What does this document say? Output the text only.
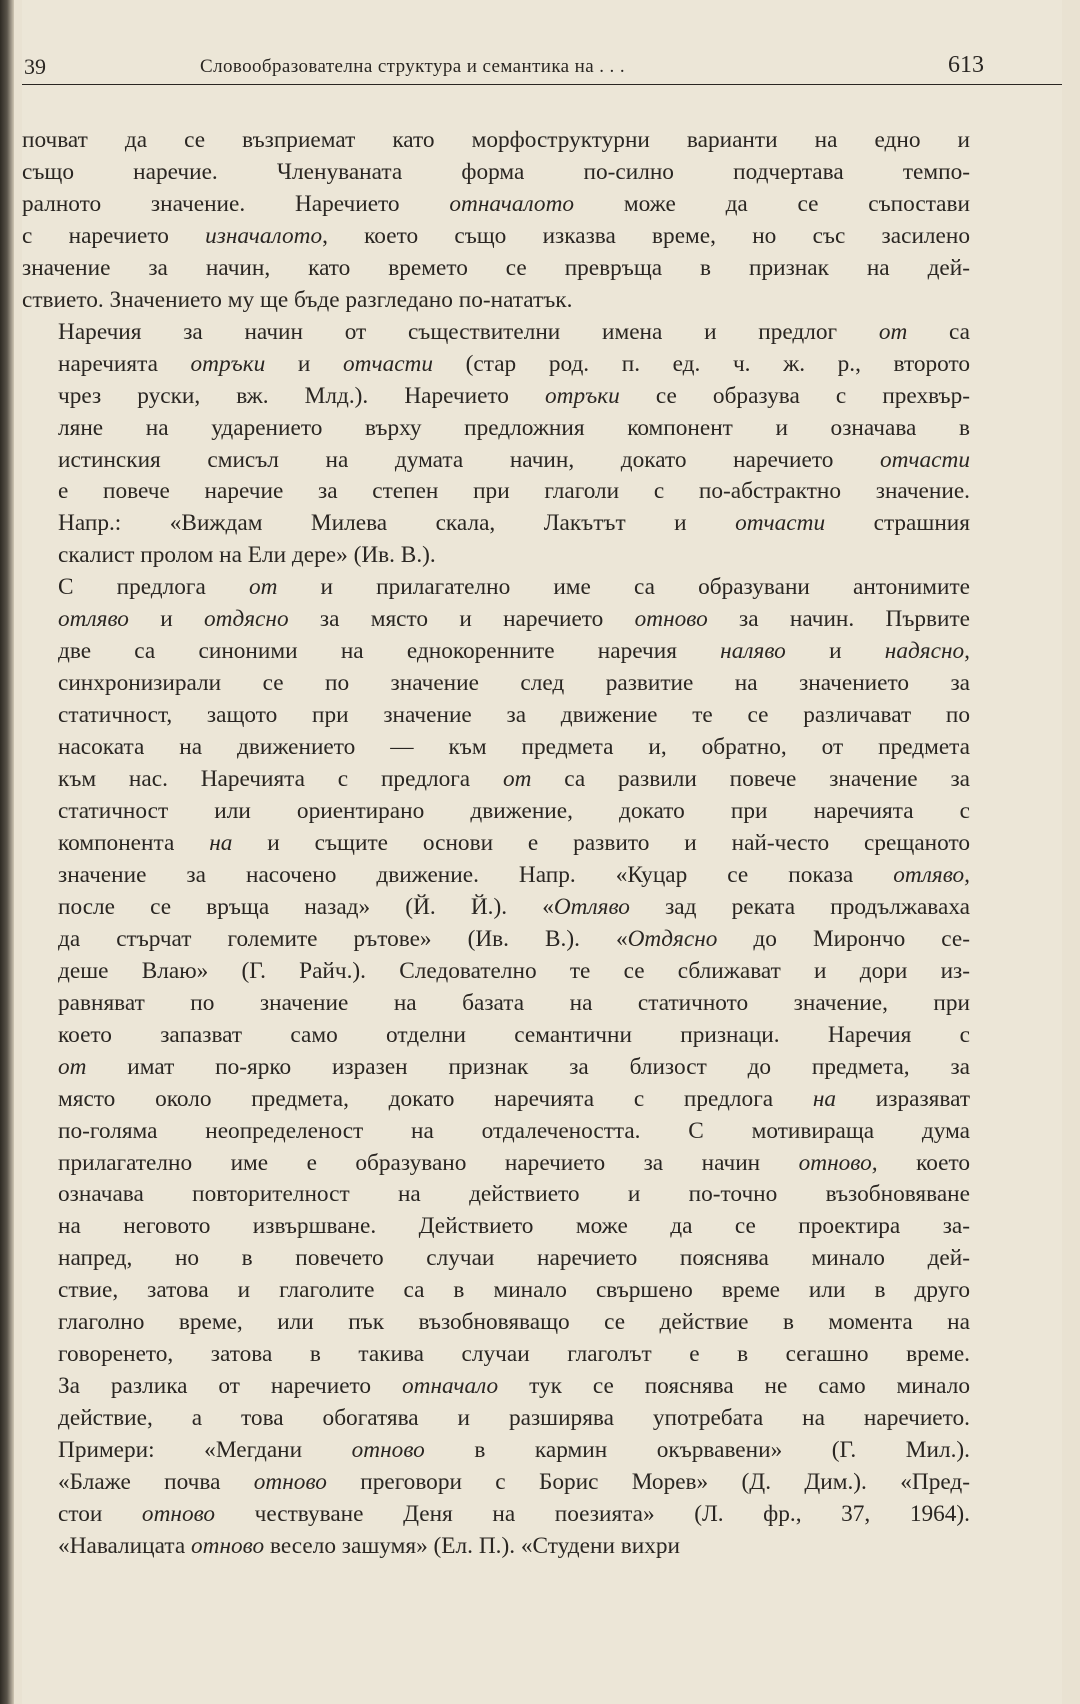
39	Словообразователна структура и семантика на . . .	613
почват да се възприемат като морфоструктурни варианти на едно и
също наречие. Членуваната форма по-силно подчертава темпо-
ралното значение. Наречието отначалото може да се съпостави
с наречието изначалото, което също изказва време, но със засилено
значение за начин, като времето се превръща в признак на дей-
ствието. Значението му ще бъде разгледано по-нататък.
Наречия за начин от съществителни имена и предлог от са
наречията отръки и отчасти (стар род. п. ед. ч. ж. р., второто
чрез руски, вж. Млд.). Наречието отръки се образува с прехвър-
ляне на ударението върху предложния компонент и означава в
истинския смисъл на думата начин, докато наречието отчасти
е повече наречие за степен при глаголи с по-абстрактно значение.
Напр.: «Виждам Милева скала, Лакътът и отчасти страшния
скалист пролом на Ели дере» (Ив. В.).
С предлога от и прилагателно име са образувани антонимите
отляво и отдясно за място и наречието отново за начин. Първите
две са синоними на еднокоренните наречия наляво и надясно,
синхронизирали се по значение след развитие на значението за
статичност, защото при значение за движение те се различават по
насоката на движението — към предмета и, обратно, от предмета
към нас. Наречията с предлога от са развили повече значение за
статичност или ориентирано движение, докато при наречията с
компонента на и същите основи е развито и най-често срещаното
значение за насочено движение. Напр. «Куцар се показа отляво,
после се връща назад» (Й. Й.). «Отляво зад реката продължаваха
да стърчат големите рътове» (Ив. В.). «Отдясно до Мирончо се-
деше Влаю» (Г. Райч.). Следователно те се сближават и дори из-
равняват по значение на базата на статичното значение, при
което запазват само отделни семантични признаци. Наречия с
от имат по-ярко изразен признак за близост до предмета, за
място около предмета, докато наречията с предлога на изразяват
по-голяма неопределеност на отдалечеността. С мотивираща дума
прилагателно име е образувано наречието за начин отново, което
означава повторителност на действието и по-точно възобновяване
на неговото извършване. Действието може да се проектира за-
напред, но в повечето случаи наречието пояснява минало дей-
ствие, затова и глаголите са в минало свършено време или в друго
глаголно време, или пък възобновяващо се действие в момента на
говоренето, затова в такива случаи глаголът е в сегашно време.
За разлика от наречието отначало тук се пояснява не само минало
действие, а това обогатява и разширява употребата на наречието.
Примери: «Мегдани отново в кармин окървавени» (Г. Мил.).
«Блаже почва отново преговори с Борис Морев» (Д. Дим.). «Пред-
стои отново чествуване Деня на поезията» (Л. фр., 37, 1964).
«Навалицата отново весело зашумя» (Ел. П.). «Студени вихри
